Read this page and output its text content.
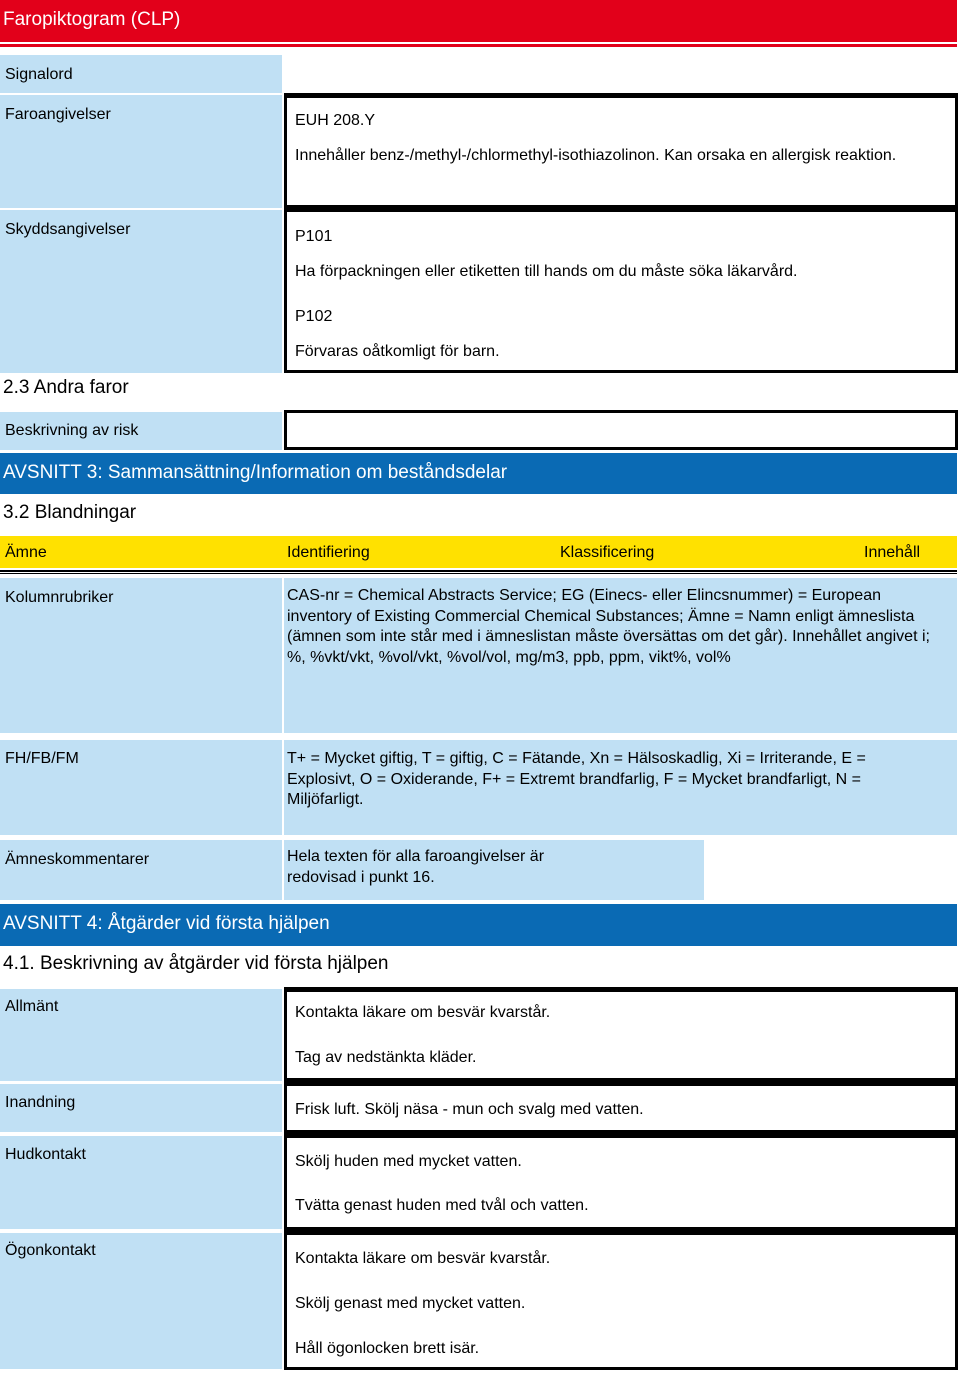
Faropiktogram (CLP)
Signalord
Faroangivelser	EUH 208.Y

Innehåller benz-/methyl-/chlormethyl-isothiazolinon. Kan orsaka en allergisk reaktion.

Skyddsangivelser	P101

Ha förpackningen eller etiketten till hands om du måste söka läkarvård.

P102

Förvaras oåtkomligt för barn.

2.3 Andra faror
Beskrivning av risk

AVSNITT 3: Sammansättning/Information om beståndsdelar
3.2 Blandningar
Ämne	Identifiering	Klassificering	Innehåll
Kolumnrubriker	CAS-nr = Chemical Abstracts Service; EG (Einecs- eller Elincsnummer) = European inventory of Existing Commercial Chemical Substances; Ämne = Namn enligt ämneslista (ämnen som inte står med i ämneslistan måste översättas om det går). Innehållet angivet i; %, %vkt/vkt, %vol/vkt, %vol/vol, mg/m3, ppb, ppm, vikt%, vol%
FH/FB/FM	T+ = Mycket giftig, T = giftig, C = Fätande, Xn = Hälsoskadlig, Xi = Irriterande, E = Explosivt, O = Oxiderande, F+ = Extremt brandfarlig, F = Mycket brandfarligt, N = Miljöfarligt.
Ämneskommentarer	Hela texten för alla faroangivelser är redovisad i punkt 16.
AVSNITT 4: Åtgärder vid första hjälpen
4.1. Beskrivning av åtgärder vid första hjälpen
Allmänt	Kontakta läkare om besvär kvarstår.

Tag av nedstänkta kläder.

Inandning	Frisk luft. Skölj näsa - mun och svalg med vatten.

Hudkontakt	Skölj huden med mycket vatten.

Tvätta genast huden med tvål och vatten.

Ögonkontakt	Kontakta läkare om besvär kvarstår.

Skölj genast med mycket vatten.

Håll ögonlocken brett isär.
